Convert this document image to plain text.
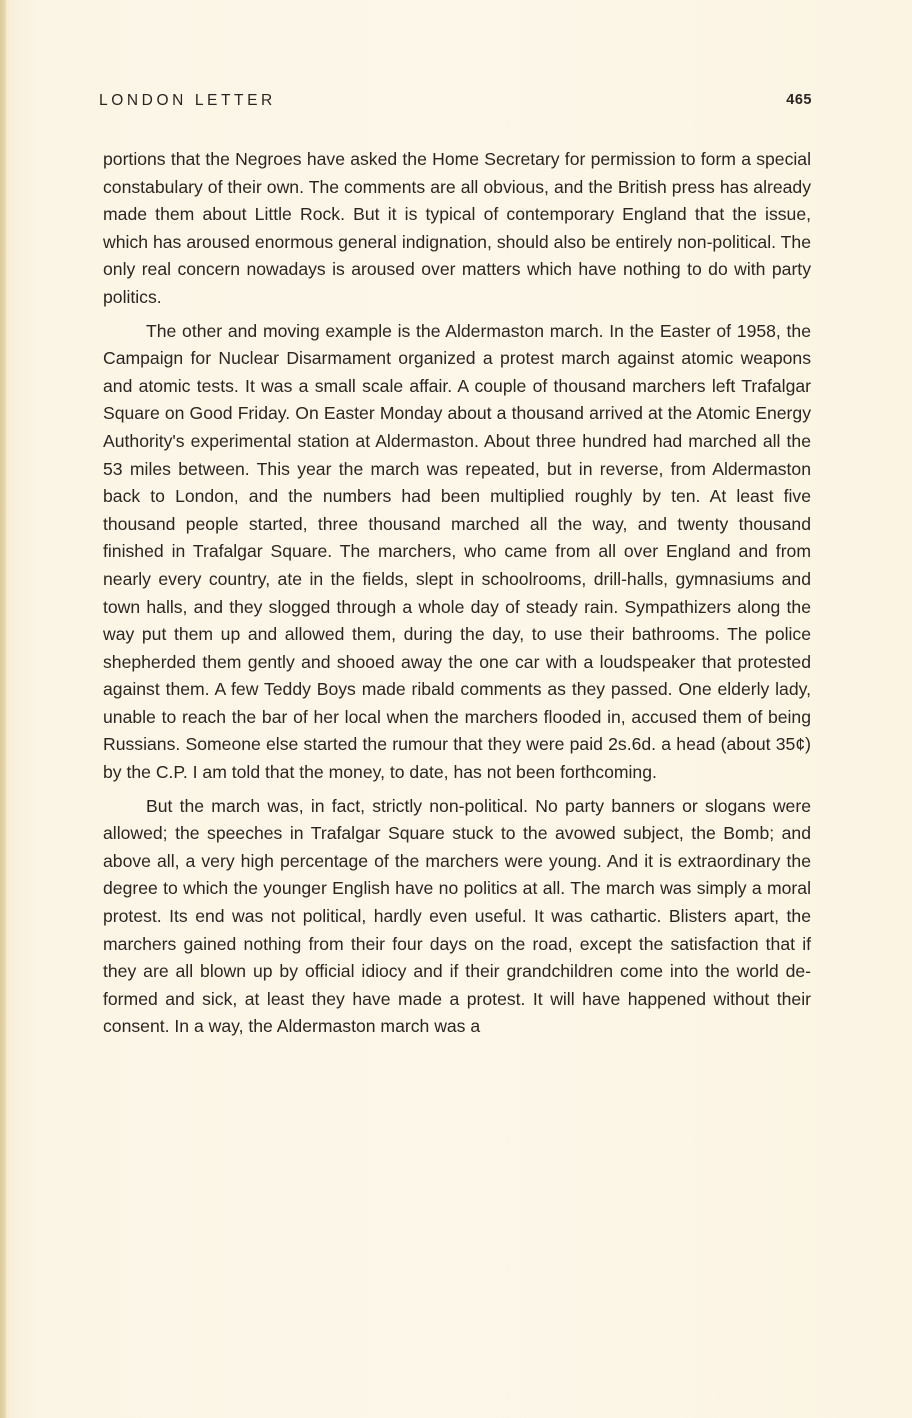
LONDON LETTER	465

portions that the Negroes have asked the Home Secretary for permission to form a special constabulary of their own. The comments are all obvious, and the British press has already made them about Little Rock. But it is typical of contemporary England that the issue, which has aroused enormous general indignation, should also be entirely non-political. The only real concern nowadays is aroused over matters which have nothing to do with party politics.

The other and moving example is the Aldermaston march. In the Easter of 1958, the Campaign for Nuclear Disarmament organized a protest march against atomic weapons and atomic tests. It was a small scale affair. A couple of thousand marchers left Trafalgar Square on Good Friday. On Easter Monday about a thousand arrived at the Atomic Energy Authority's experimental station at Aldermaston. About three hundred had marched all the 53 miles between. This year the march was repeated, but in reverse, from Aldermaston back to London, and the numbers had been multiplied roughly by ten. At least five thousand people started, three thousand marched all the way, and twenty thousand finished in Trafalgar Square. The marchers, who came from all over England and from nearly every country, ate in the fields, slept in schoolrooms, drill-halls, gymnasiums and town halls, and they slogged through a whole day of steady rain. Sympathizers along the way put them up and allowed them, during the day, to use their bathrooms. The police shepherded them gently and shooed away the one car with a loudspeaker that protested against them. A few Teddy Boys made ribald comments as they passed. One elderly lady, unable to reach the bar of her local when the marchers flooded in, accused them of being Russians. Someone else started the rumour that they were paid 2s.6d. a head (about 35¢) by the C.P. I am told that the money, to date, has not been forthcoming.

But the march was, in fact, strictly non-political. No party banners or slogans were allowed; the speeches in Trafalgar Square stuck to the avowed subject, the Bomb; and above all, a very high percentage of the marchers were young. And it is extraordinary the degree to which the younger English have no politics at all. The march was simply a moral protest. Its end was not political, hardly even useful. It was cathartic. Blisters apart, the marchers gained nothing from their four days on the road, except the satisfaction that if they are all blown up by official idiocy and if their grandchildren come into the world deformed and sick, at least they have made a protest. It will have happened without their consent. In a way, the Aldermaston march was a
